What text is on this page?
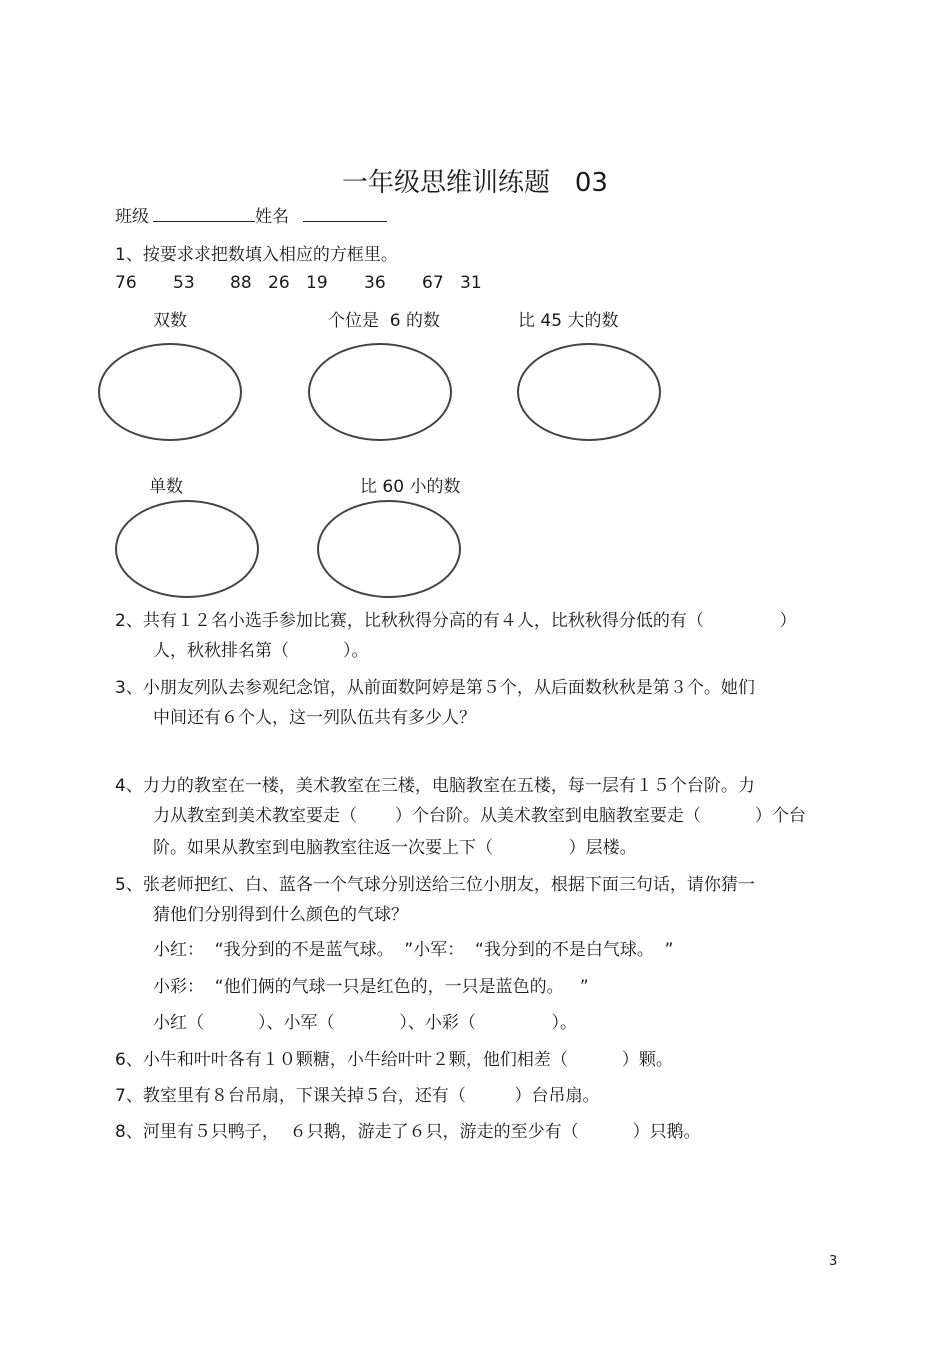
一年级思维训练题   03
班级	姓名
1、按要求求把数填入相应的方框里。
76 53 88 26 19 36 67 31
双数	个位是  6 的数	比 45 大的数
单数	比 60 小的数
2、共有１２名小选手参加比赛，比秋秋得分高的有４人，比秋秋得分低的有（              ）
人，秋秋排名第（          ）。
3、小朋友列队去参观纪念馆，从前面数阿婷是第５个，从后面数秋秋是第３个。她们
中间还有６个人，这一列队伍共有多少人？
4、力力的教室在一楼，美术教室在三楼，电脑教室在五楼，每一层有１５个台阶。力
力从教室到美术教室要走（       ）个台阶。从美术教室到电脑教室要走（          ）个台
阶。如果从教室到电脑教室往返一次要上下（              ）层楼。
5、张老师把红、白、蓝各一个气球分别送给三位小朋友，根据下面三句话，请你猜一
猜他们分别得到什么颜色的气球？
小红：  “我分到的不是蓝气球。  ”小军：  “我分到的不是白气球。  ”
小彩：  “他们俩的气球一只是红色的，一只是蓝色的。   ”
小红（          ）、小军（            ）、小彩（              ）。
6、小牛和叶叶各有１０颗糖，小牛给叶叶２颗，他们相差（          ）颗。
7、教室里有８台吊扇，下课关掉５台，还有（         ）台吊扇。
8、河里有５只鸭子，  ６只鹅，游走了６只，游走的至少有（          ）只鹅。
3
